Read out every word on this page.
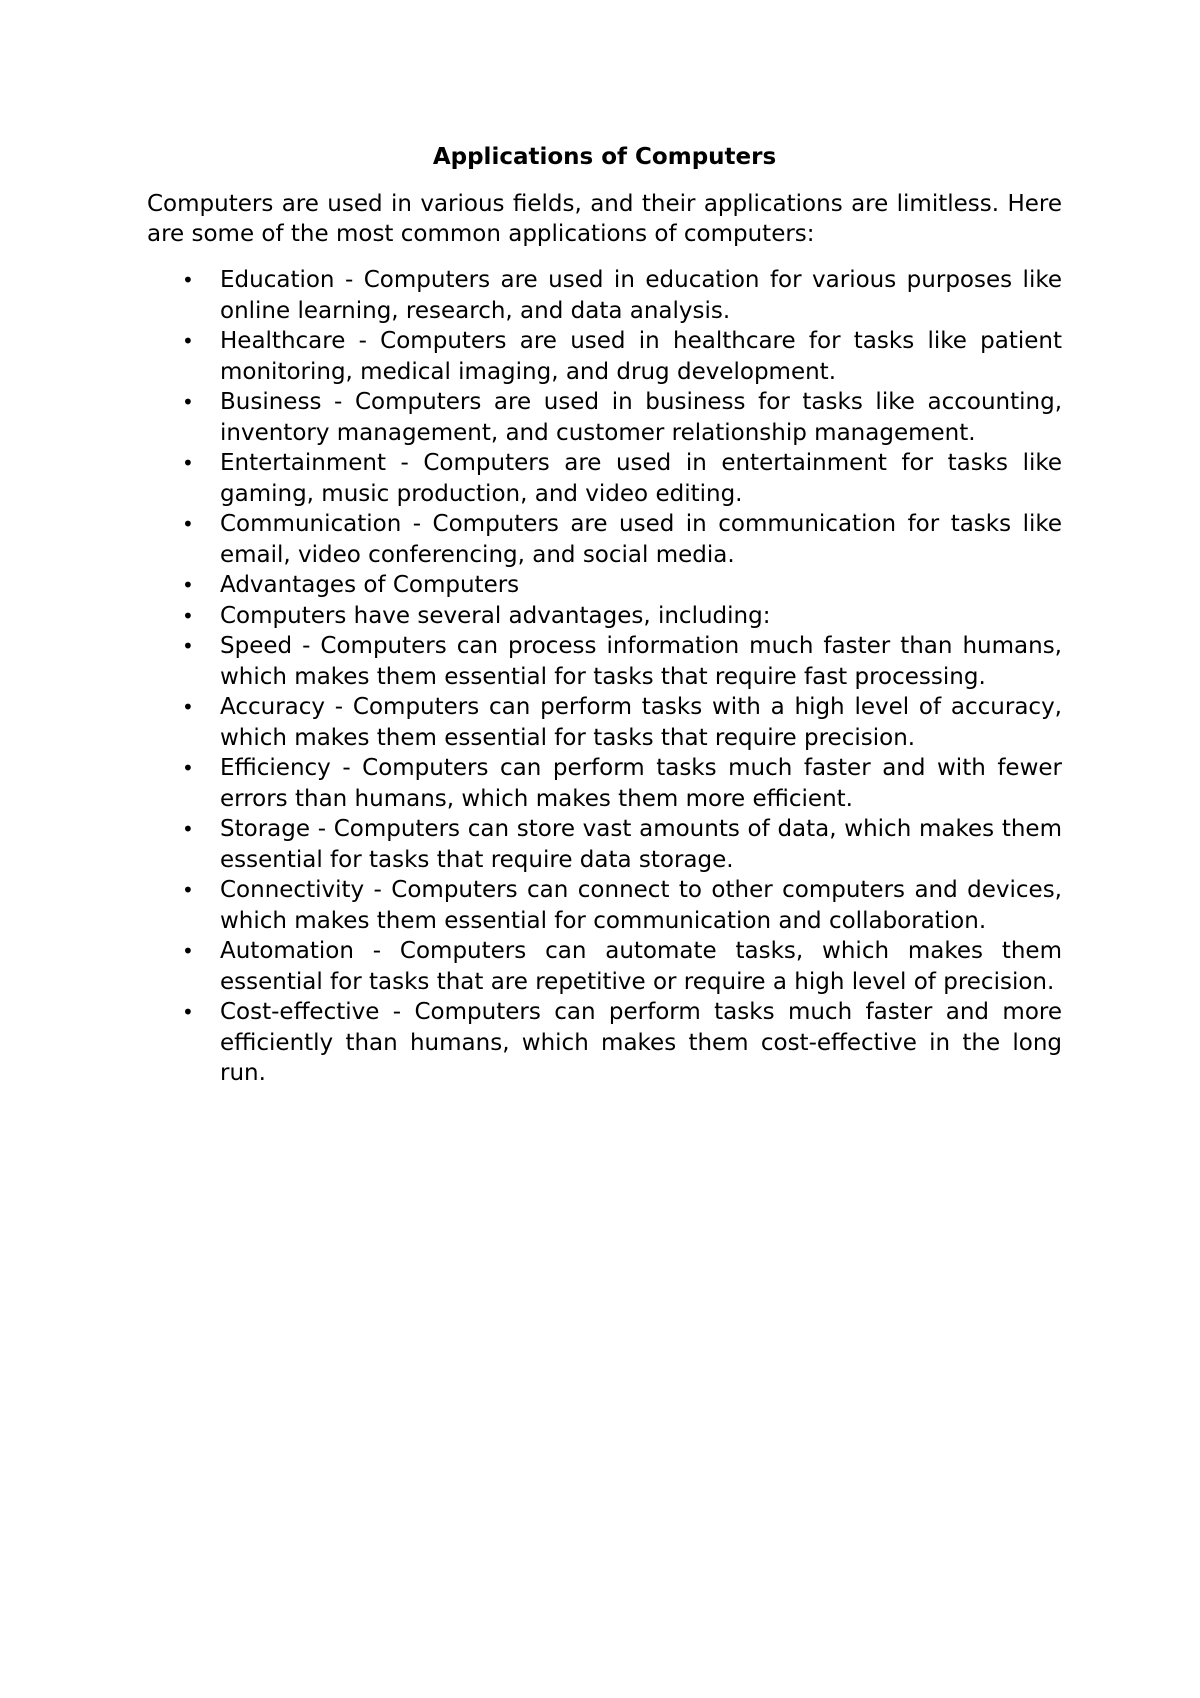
Applications of Computers

Computers are used in various fields, and their applications are limitless. Here are some of the most common applications of computers:

• Education - Computers are used in education for various purposes like online learning, research, and data analysis.
• Healthcare - Computers are used in healthcare for tasks like patient monitoring, medical imaging, and drug development.
• Business - Computers are used in business for tasks like accounting, inventory management, and customer relationship management.
• Entertainment - Computers are used in entertainment for tasks like gaming, music production, and video editing.
• Communication - Computers are used in communication for tasks like email, video conferencing, and social media.
• Advantages of Computers
• Computers have several advantages, including:
• Speed - Computers can process information much faster than humans, which makes them essential for tasks that require fast processing.
• Accuracy - Computers can perform tasks with a high level of accuracy, which makes them essential for tasks that require precision.
• Efficiency - Computers can perform tasks much faster and with fewer errors than humans, which makes them more efficient.
• Storage - Computers can store vast amounts of data, which makes them essential for tasks that require data storage.
• Connectivity - Computers can connect to other computers and devices, which makes them essential for communication and collaboration.
• Automation - Computers can automate tasks, which makes them essential for tasks that are repetitive or require a high level of precision.
• Cost-effective - Computers can perform tasks much faster and more efficiently than humans, which makes them cost-effective in the long run.
